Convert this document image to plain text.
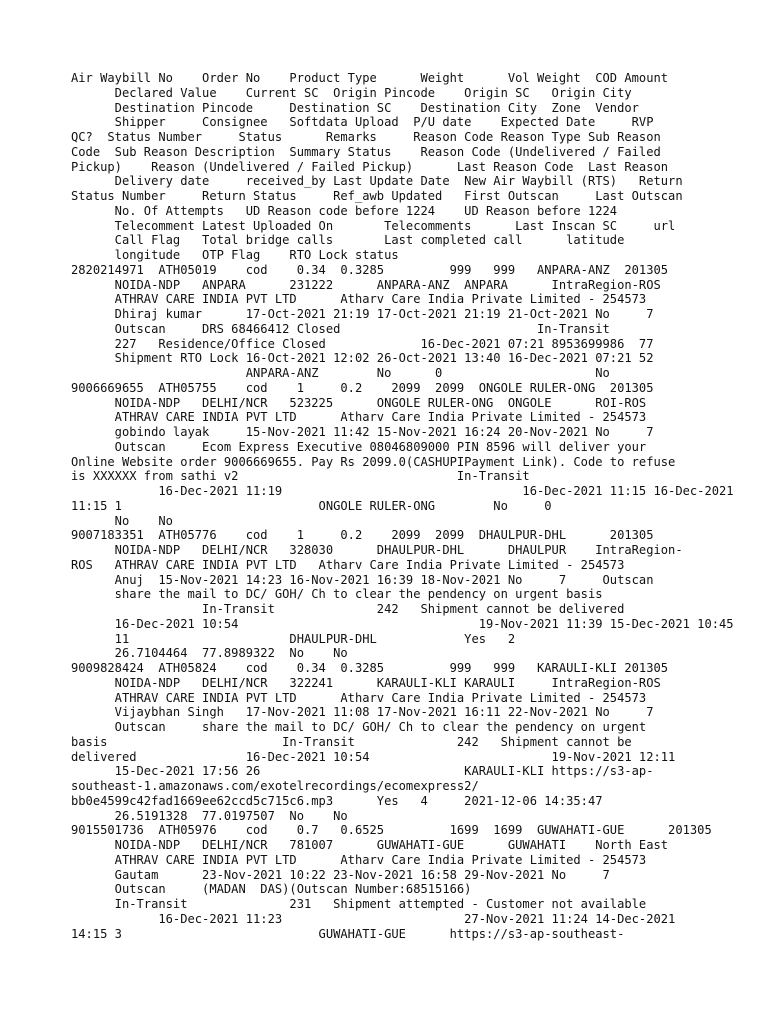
Air Waybill No    Order No    Product Type      Weight      Vol Weight  COD Amount
Declared Value    Current SC  Origin Pincode    Origin SC   Origin City
Destination Pincode     Destination SC    Destination City  Zone  Vendor
Shipper     Consignee   Softdata Upload  P/U date    Expected Date     RVP
QC?  Status Number     Status      Remarks     Reason Code Reason Type Sub Reason
Code  Sub Reason Description  Summary Status    Reason Code (Undelivered / Failed
Pickup)    Reason (Undelivered / Failed Pickup)      Last Reason Code  Last Reason
Delivery date     received_by Last Update Date  New Air Waybill (RTS)   Return
Status Number     Return Status     Ref_awb Updated   First Outscan     Last Outscan
No. Of Attempts   UD Reason code before 1224    UD Reason before 1224
Telecomment Latest Uploaded On       Telecomments      Last Inscan SC     url
Call Flag   Total bridge calls       Last completed call      latitude
longitude   OTP Flag    RTO Lock status
2820214971  ATH05019    cod    0.34  0.3285         999   999   ANPARA-ANZ  201305
NOIDA-NDP   ANPARA      231222      ANPARA-ANZ  ANPARA      IntraRegion-ROS
ATHRAV CARE INDIA PVT LTD      Atharv Care India Private Limited - 254573
Dhiraj kumar      17-Oct-2021 21:19 17-Oct-2021 21:19 21-Oct-2021 No     7
Outscan     DRS 68466412 Closed                           In-Transit
227   Residence/Office Closed             16-Dec-2021 07:21 8953699986  77
Shipment RTO Lock 16-Oct-2021 12:02 26-Oct-2021 13:40 16-Dec-2021 07:21 52
ANPARA-ANZ        No      0                     No
9006669655  ATH05755    cod    1     0.2    2099  2099  ONGOLE RULER-ONG  201305
NOIDA-NDP   DELHI/NCR   523225      ONGOLE RULER-ONG  ONGOLE      ROI-ROS
ATHRAV CARE INDIA PVT LTD      Atharv Care India Private Limited - 254573
gobindo layak     15-Nov-2021 11:42 15-Nov-2021 16:24 20-Nov-2021 No     7
Outscan     Ecom Express Executive 08046809000 PIN 8596 will deliver your
Online Website order 9006669655. Pay Rs 2099.0(CASHUPIPayment Link). Code to refuse
is XXXXXX from sathi v2                              In-Transit
16-Dec-2021 11:19                                 16-Dec-2021 11:15 16-Dec-2021
11:15 1                           ONGOLE RULER-ONG        No     0
No    No
9007183351  ATH05776    cod    1     0.2    2099  2099  DHAULPUR-DHL      201305
NOIDA-NDP   DELHI/NCR   328030      DHAULPUR-DHL      DHAULPUR    IntraRegion-
ROS   ATHRAV CARE INDIA PVT LTD   Atharv Care India Private Limited - 254573
Anuj  15-Nov-2021 14:23 16-Nov-2021 16:39 18-Nov-2021 No     7     Outscan
share the mail to DC/ GOH/ Ch to clear the pendency on urgent basis
In-Transit              242   Shipment cannot be delivered
16-Dec-2021 10:54                                 19-Nov-2021 11:39 15-Dec-2021 10:45
11                      DHAULPUR-DHL            Yes   2
26.7104464  77.8989322  No    No
9009828424  ATH05824    cod    0.34  0.3285         999   999   KARAULI-KLI 201305
NOIDA-NDP   DELHI/NCR   322241      KARAULI-KLI KARAULI     IntraRegion-ROS
ATHRAV CARE INDIA PVT LTD      Atharv Care India Private Limited - 254573
Vijaybhan Singh   17-Nov-2021 11:08 17-Nov-2021 16:11 22-Nov-2021 No     7
Outscan     share the mail to DC/ GOH/ Ch to clear the pendency on urgent
basis                        In-Transit              242   Shipment cannot be
delivered               16-Dec-2021 10:54                         19-Nov-2021 12:11
15-Dec-2021 17:56 26                            KARAULI-KLI https://s3-ap-
southeast-1.amazonaws.com/exotelrecordings/ecomexpress2/
bb0e4599c42fad1669ee62ccd5c715c6.mp3      Yes   4     2021-12-06 14:35:47
26.5191328  77.0197507  No    No
9015501736  ATH05976    cod    0.7   0.6525         1699  1699  GUWAHATI-GUE      201305
NOIDA-NDP   DELHI/NCR   781007      GUWAHATI-GUE      GUWAHATI    North East
ATHRAV CARE INDIA PVT LTD      Atharv Care India Private Limited - 254573
Gautam      23-Nov-2021 10:22 23-Nov-2021 16:58 29-Nov-2021 No     7
Outscan     (MADAN  DAS)(Outscan Number:68515166)
In-Transit              231   Shipment attempted - Customer not available
16-Dec-2021 11:23                         27-Nov-2021 11:24 14-Dec-2021
14:15 3                           GUWAHATI-GUE      https://s3-ap-southeast-
